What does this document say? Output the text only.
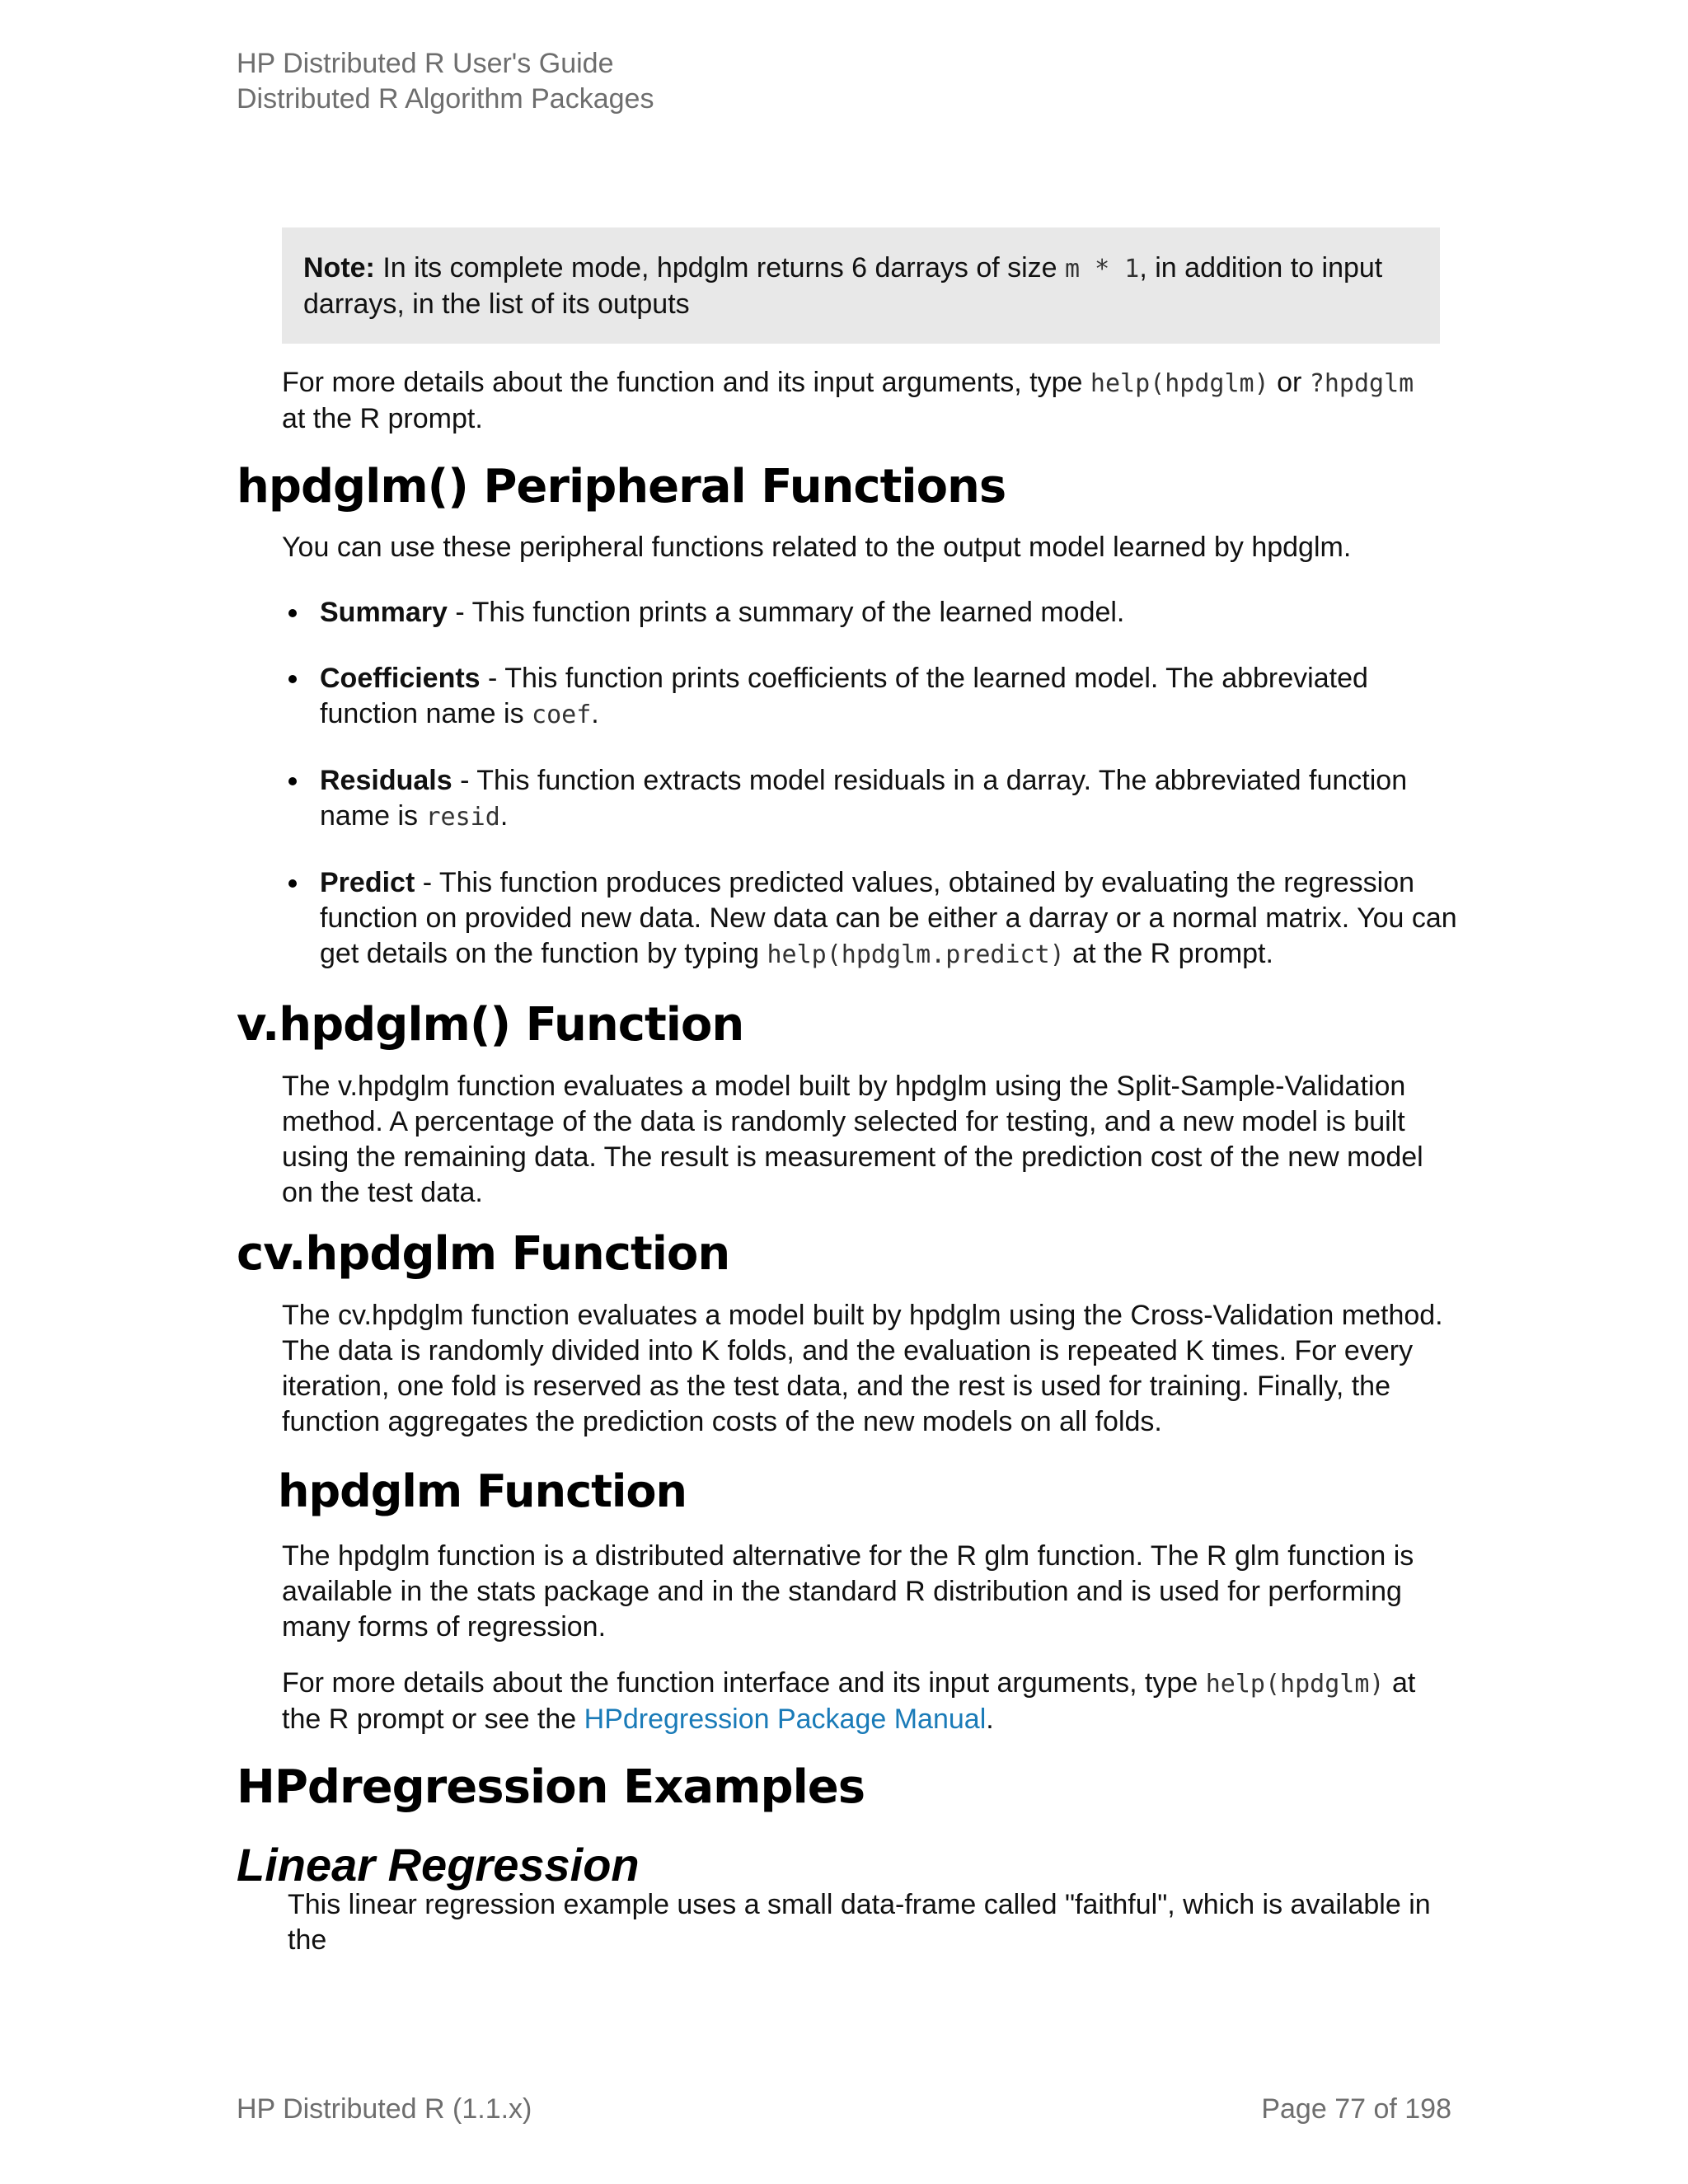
HP Distributed R User's Guide
Distributed R Algorithm Packages
Note: In its complete mode, hpdglm returns 6 darrays of size m * 1, in addition to input darrays, in the list of its outputs

For more details about the function and its input arguments, type help(hpdglm) or ?hpdglm at the R prompt.

hpdglm() Peripheral Functions

You can use these peripheral functions related to the output model learned by hpdglm.

Summary - This function prints a summary of the learned model.
Coefficients - This function prints coefficients of the learned model. The abbreviated function name is coef.
Residuals - This function extracts model residuals in a darray. The abbreviated function name is resid.
Predict - This function produces predicted values, obtained by evaluating the regression function on provided new data. New data can be either a darray or a normal matrix. You can get details on the function by typing help(hpdglm.predict) at the R prompt.
v.hpdglm() Function

The v.hpdglm function evaluates a model built by hpdglm using the Split-Sample-Validation method. A percentage of the data is randomly selected for testing, and a new model is built using the remaining data. The result is measurement of the prediction cost of the new model on the test data.

cv.hpdglm Function

The cv.hpdglm function evaluates a model built by hpdglm using the Cross-Validation method. The data is randomly divided into K folds, and the evaluation is repeated K times. For every iteration, one fold is reserved as the test data, and the rest is used for training. Finally, the function aggregates the prediction costs of the new models on all folds.

hpdglm Function

The hpdglm function is a distributed alternative for the R glm function. The R glm function is available in the stats package and in the standard R distribution and is used for performing many forms of regression.

For more details about the function interface and its input arguments, type help(hpdglm) at the R prompt or see the HPdregression Package Manual.

HPdregression Examples
Linear Regression

This linear regression example uses a small data-frame called "faithful", which is available in the

HP Distributed R (1.1.x)	Page 77 of 198
